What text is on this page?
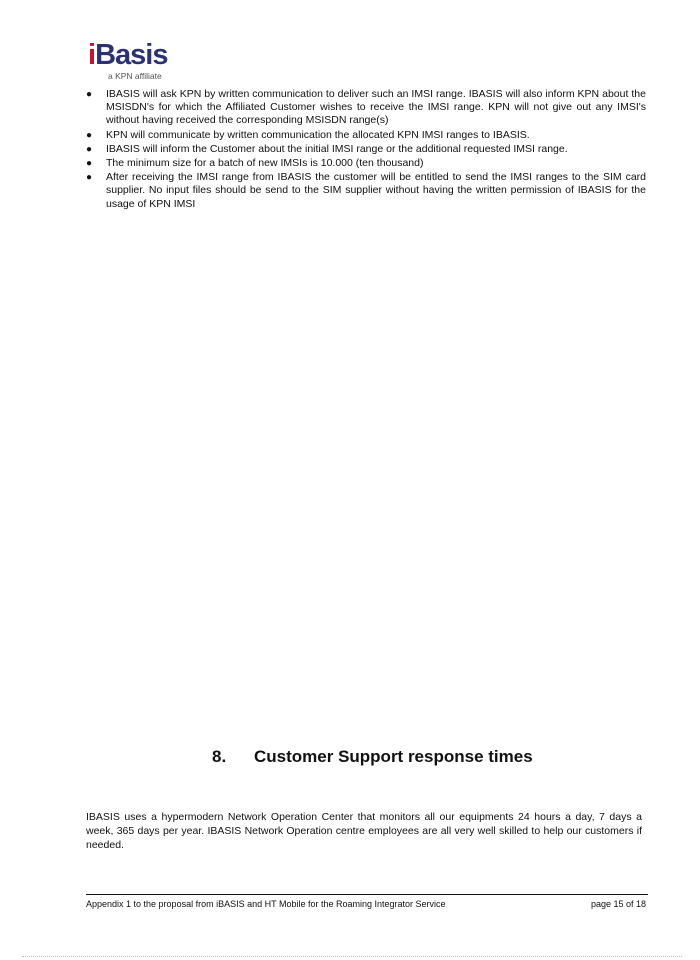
iBasis
a KPN affiliate
● IBASIS will ask KPN by written communication to deliver such an IMSI range. IBASIS will also inform KPN about the MSISDN's for which the Affiliated Customer wishes to receive the IMSI range. KPN will not give out any IMSI's without having received the corresponding MSISDN range(s)
● KPN will communicate by written communication the allocated KPN IMSI ranges to IBASIS.
● IBASIS will inform the Customer about the initial IMSI range or the additional requested IMSI range.
● The minimum size for a batch of new IMSIs is 10.000 (ten thousand)
● After receiving the IMSI range from IBASIS the customer will be entitled to send the IMSI ranges to the SIM card supplier. No input files should be send to the SIM supplier without having the written permission of IBASIS for the usage of KPN IMSI
8. Customer Support response times

IBASIS uses a hypermodern Network Operation Center that monitors all our equipments 24 hours a day, 7 days a week, 365 days per year. IBASIS Network Operation centre employees are all very well skilled to help our customers if needed.

Appendix 1 to the proposal from iBASIS and HT Mobile for the Roaming Integrator Service	page 15 of 18
